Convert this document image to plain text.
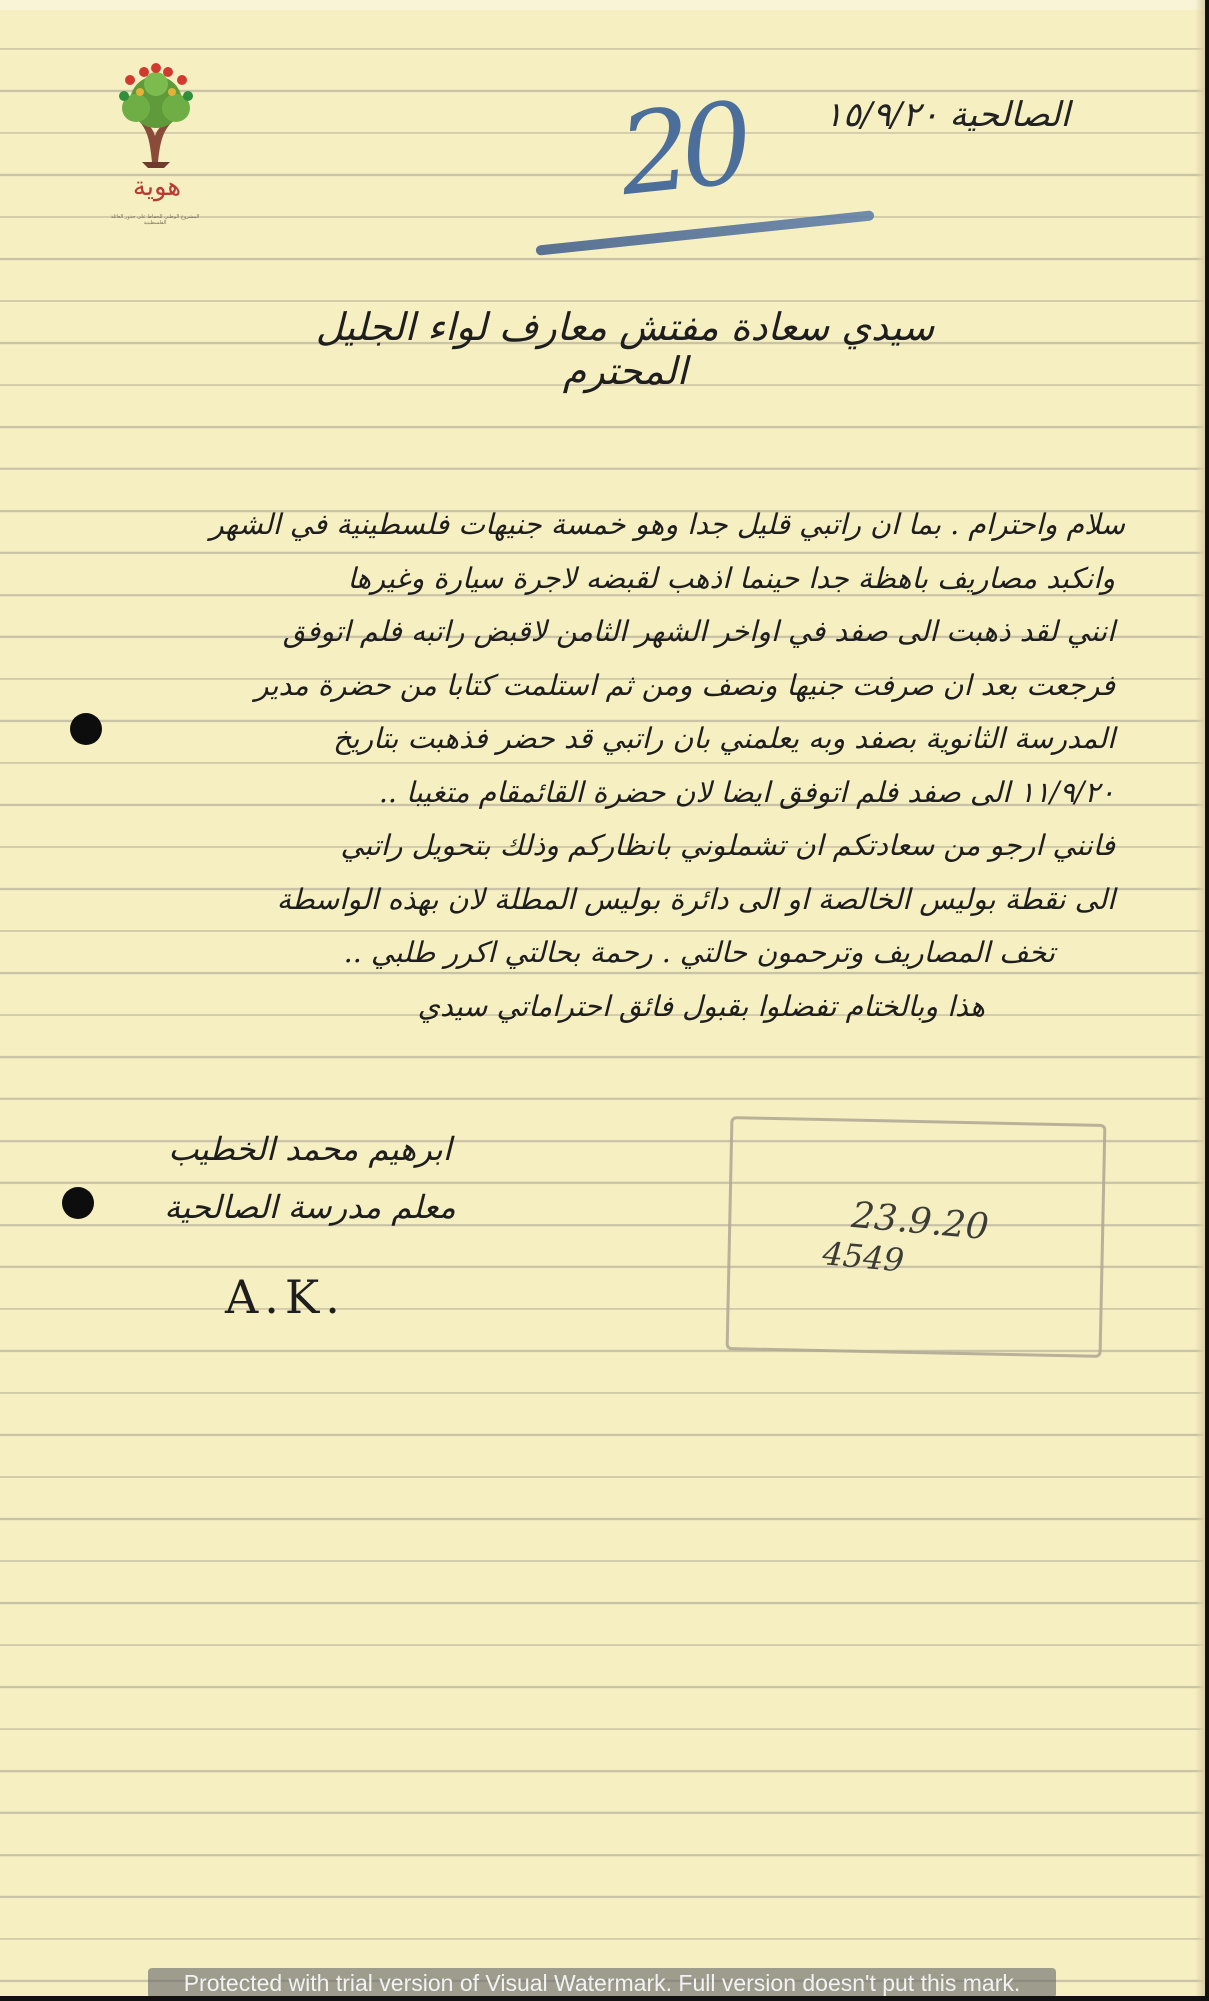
هوية
المشروع الوطني للحفاظ على جذور العائلة الفلسطينية
20	الصالحية ١٥/٩/٢٠
سيدي سعادة مفتش معارف لواء الجليل المحترم
سلام واحترام . بما ان راتبي قليل جدا وهو خمسة جنيهات فلسطينية في الشهر
وانكبد مصاريف باهظة جدا حينما اذهب لقبضه لاجرة سيارة وغيرها
انني لقد ذهبت الى صفد في اواخر الشهر الثامن لاقبض راتبه فلم اتوفق
فرجعت بعد ان صرفت جنيها ونصف ومن ثم استلمت كتابا من حضرة مدير
المدرسة الثانوية بصفد وبه يعلمني بان راتبي قد حضر فذهبت بتاريخ
١١/٩/٢٠ الى صفد فلم اتوفق ايضا لان حضرة القائمقام متغيبا ..
فانني ارجو من سعادتكم ان تشملوني بانظاركم وذلك بتحويل راتبي
الى نقطة بوليس الخالصة او الى دائرة بوليس المطلة لان بهذه الواسطة
تخف المصاريف وترحمون حالتي . رحمة بحالتي اكرر طلبي ..
هذا وبالختام تفضلوا بقبول فائق احتراماتي سيدي
ابرهيم محمد الخطيب
معلم مدرسة الصالحية
A.K.
23.9.20
4549
Protected with trial version of Visual Watermark. Full version doesn't put this mark.
